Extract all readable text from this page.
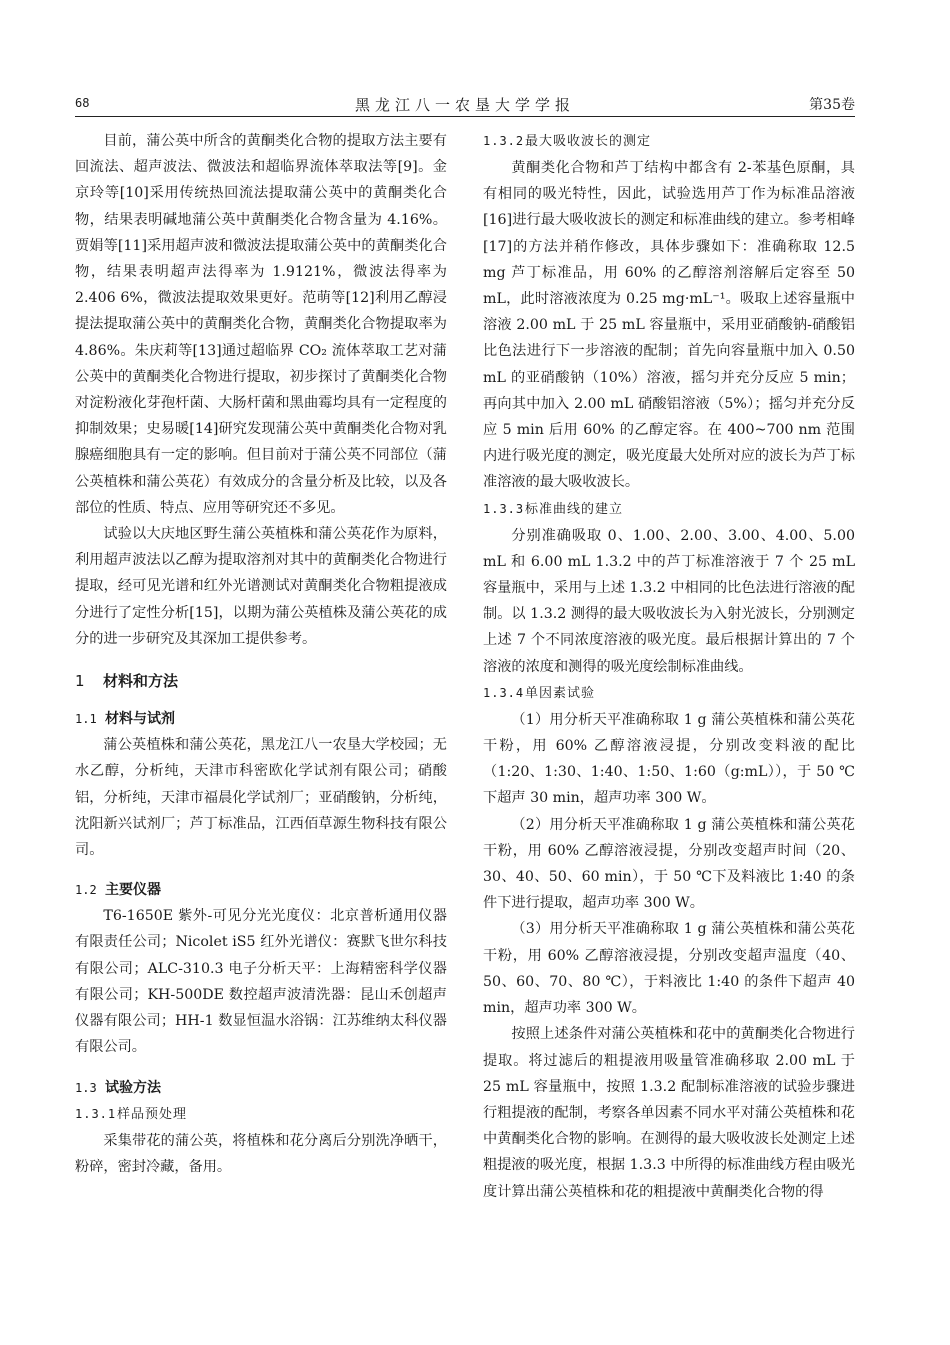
68	黑龙江八一农垦大学学报	第35卷

目前，蒲公英中所含的黄酮类化合物的提取方法主要有回流法、超声波法、微波法和超临界流体萃取法等[9]。金京玲等[10]采用传统热回流法提取蒲公英中的黄酮类化合物，结果表明碱地蒲公英中黄酮类化合物含量为 4.16%。贾娟等[11]采用超声波和微波法提取蒲公英中的黄酮类化合物，结果表明超声法得率为 1.9121%，微波法得率为 2.406 6%，微波法提取效果更好。范萌等[12]利用乙醇浸提法提取蒲公英中的黄酮类化合物，黄酮类化合物提取率为 4.86%。朱庆莉等[13]通过超临界 CO₂ 流体萃取工艺对蒲公英中的黄酮类化合物进行提取，初步探讨了黄酮类化合物对淀粉液化芽孢杆菌、大肠杆菌和黑曲霉均具有一定程度的抑制效果；史易暖[14]研究发现蒲公英中黄酮类化合物对乳腺癌细胞具有一定的影响。但目前对于蒲公英不同部位（蒲公英植株和蒲公英花）有效成分的含量分析及比较，以及各部位的性质、特点、应用等研究还不多见。

试验以大庆地区野生蒲公英植株和蒲公英花作为原料，利用超声波法以乙醇为提取溶剂对其中的黄酮类化合物进行提取，经可见光谱和红外光谱测试对黄酮类化合物粗提液成分进行了定性分析[15]，以期为蒲公英植株及蒲公英花的成分的进一步研究及其深加工提供参考。

1 材料和方法
1.1 材料与试剂

蒲公英植株和蒲公英花，黑龙江八一农垦大学校园；无水乙醇，分析纯，天津市科密欧化学试剂有限公司；硝酸铝，分析纯，天津市福晨化学试剂厂；亚硝酸钠，分析纯，沈阳新兴试剂厂；芦丁标准品，江西佰草源生物科技有限公司。

1.2 主要仪器

T6-1650E 紫外-可见分光光度仪：北京普析通用仪器有限责任公司；Nicolet iS5 红外光谱仪：赛默飞世尔科技有限公司；ALC-310.3 电子分析天平：上海精密科学仪器有限公司；KH-500DE 数控超声波清洗器：昆山禾创超声仪器有限公司；HH-1 数显恒温水浴锅：江苏维纳太科仪器有限公司。

1.3 试验方法
1.3.1样品预处理

采集带花的蒲公英，将植株和花分离后分别洗净晒干，粉碎，密封冷藏，备用。

1.3.2最大吸收波长的测定

黄酮类化合物和芦丁结构中都含有 2-苯基色原酮，具有相同的吸光特性，因此，试验选用芦丁作为标准品溶液[16]进行最大吸收波长的测定和标准曲线的建立。参考相峰[17]的方法并稍作修改，具体步骤如下：准确称取 12.5 mg 芦丁标准品，用 60% 的乙醇溶剂溶解后定容至 50 mL，此时溶液浓度为 0.25 mg·mL⁻¹。吸取上述容量瓶中溶液 2.00 mL 于 25 mL 容量瓶中，采用亚硝酸钠-硝酸铝比色法进行下一步溶液的配制；首先向容量瓶中加入 0.50 mL 的亚硝酸钠（10%）溶液，摇匀并充分反应 5 min；再向其中加入 2.00 mL 硝酸铝溶液（5%）；摇匀并充分反应 5 min 后用 60% 的乙醇定容。在 400~700 nm 范围内进行吸光度的测定，吸光度最大处所对应的波长为芦丁标准溶液的最大吸收波长。

1.3.3标准曲线的建立

分别准确吸取 0、1.00、2.00、3.00、4.00、5.00 mL 和 6.00 mL 1.3.2 中的芦丁标准溶液于 7 个 25 mL 容量瓶中，采用与上述 1.3.2 中相同的比色法进行溶液的配制。以 1.3.2 测得的最大吸收波长为入射光波长，分别测定上述 7 个不同浓度溶液的吸光度。最后根据计算出的 7 个溶液的浓度和测得的吸光度绘制标准曲线。

1.3.4单因素试验

（1）用分析天平准确称取 1 g 蒲公英植株和蒲公英花干粉，用 60% 乙醇溶液浸提，分别改变料液的配比（1:20、1:30、1:40、1:50、1:60（g:mL）），于 50 ℃下超声 30 min，超声功率 300 W。

（2）用分析天平准确称取 1 g 蒲公英植株和蒲公英花干粉，用 60% 乙醇溶液浸提，分别改变超声时间（20、30、40、50、60 min），于 50 ℃下及料液比 1:40 的条件下进行提取，超声功率 300 W。

（3）用分析天平准确称取 1 g 蒲公英植株和蒲公英花干粉，用 60% 乙醇溶液浸提，分别改变超声温度（40、50、60、70、80 ℃），于料液比 1:40 的条件下超声 40 min，超声功率 300 W。

按照上述条件对蒲公英植株和花中的黄酮类化合物进行提取。将过滤后的粗提液用吸量管准确移取 2.00 mL 于 25 mL 容量瓶中，按照 1.3.2 配制标准溶液的试验步骤进行粗提液的配制，考察各单因素不同水平对蒲公英植株和花中黄酮类化合物的影响。在测得的最大吸收波长处测定上述粗提液的吸光度，根据 1.3.3 中所得的标准曲线方程由吸光度计算出蒲公英植株和花的粗提液中黄酮类化合物的得
